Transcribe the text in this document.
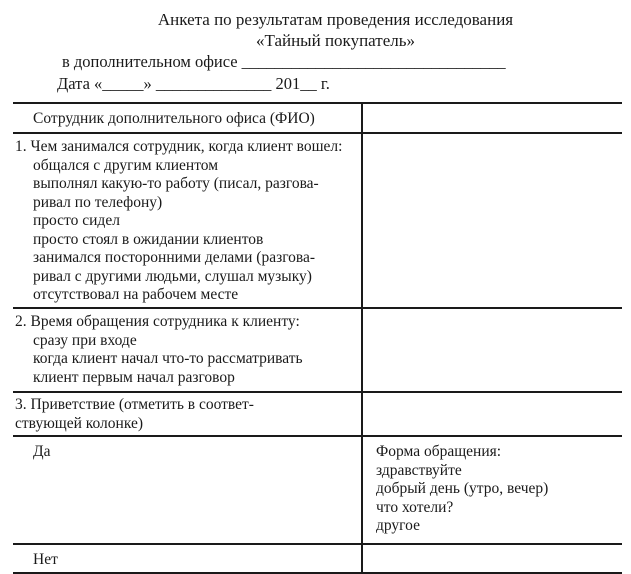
Анкета по результатам проведения исследования
«Тайный покупатель»
в дополнительном офисе ________________________________
Дата «_____» ______________ 201__ г.
Сотрудник дополнительного офиса (ФИО)	

1. Чем занимался сотрудник, когда клиент вошел:
общался с другим клиентом
выполнял какую-то работу (писал, разгова-
ривал по телефону)
просто сидел
просто стоял в ожидании клиентов
занимался посторонними делами (разгова-
ривал с другими людьми, слушал музыку)
отсутствовал на рабочем месте

2. Время обращения сотрудника к клиенту:
сразу при входе
когда клиент начал что-то рассматривать
клиент первым начал разговор	

3. Приветствие (отметить в соответ-
ствующей колонке)	

Да	Форма обращения:
здравствуйте
добрый день (утро, вечер)
что хотели?
другое

Нет	
